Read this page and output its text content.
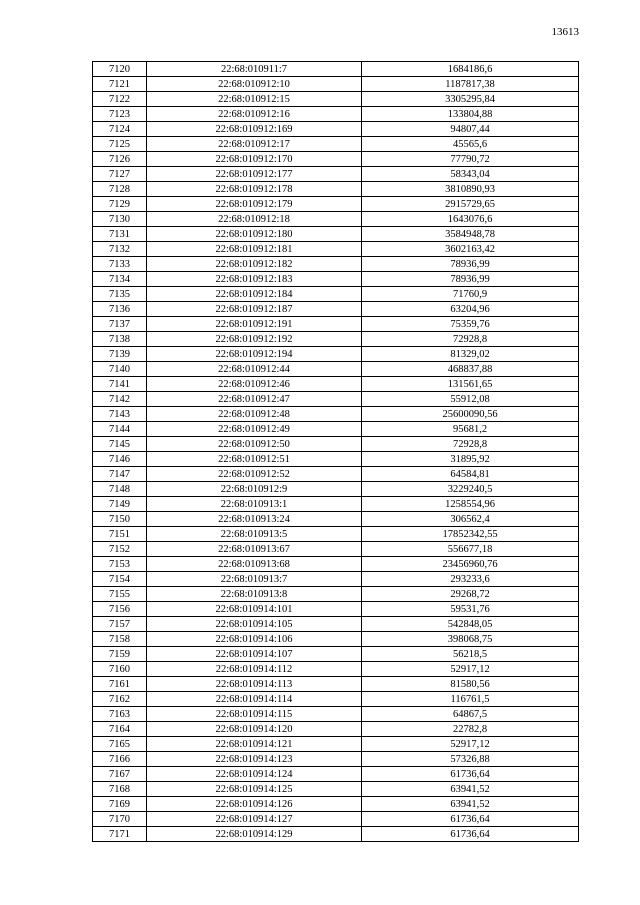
13613
7120	22:68:010911:7	1684186,6
7121	22:68:010912:10	1187817,38
7122	22:68:010912:15	3305295,84
7123	22:68:010912:16	133804,88
7124	22:68:010912:169	94807,44
7125	22:68:010912:17	45565,6
7126	22:68:010912:170	77790,72
7127	22:68:010912:177	58343,04
7128	22:68:010912:178	3810890,93
7129	22:68:010912:179	2915729,65
7130	22:68:010912:18	1643076,6
7131	22:68:010912:180	3584948,78
7132	22:68:010912:181	3602163,42
7133	22:68:010912:182	78936,99
7134	22:68:010912:183	78936,99
7135	22:68:010912:184	71760,9
7136	22:68:010912:187	63204,96
7137	22:68:010912:191	75359,76
7138	22:68:010912:192	72928,8
7139	22:68:010912:194	81329,02
7140	22:68:010912:44	468837,88
7141	22:68:010912:46	131561,65
7142	22:68:010912:47	55912,08
7143	22:68:010912:48	25600090,56
7144	22:68:010912:49	95681,2
7145	22:68:010912:50	72928,8
7146	22:68:010912:51	31895,92
7147	22:68:010912:52	64584,81
7148	22:68:010912:9	3229240,5
7149	22:68:010913:1	1258554,96
7150	22:68:010913:24	306562,4
7151	22:68:010913:5	17852342,55
7152	22:68:010913:67	556677,18
7153	22:68:010913:68	23456960,76
7154	22:68:010913:7	293233,6
7155	22:68:010913:8	29268,72
7156	22:68:010914:101	59531,76
7157	22:68:010914:105	542848,05
7158	22:68:010914:106	398068,75
7159	22:68:010914:107	56218,5
7160	22:68:010914:112	52917,12
7161	22:68:010914:113	81580,56
7162	22:68:010914:114	116761,5
7163	22:68:010914:115	64867,5
7164	22:68:010914:120	22782,8
7165	22:68:010914:121	52917,12
7166	22:68:010914:123	57326,88
7167	22:68:010914:124	61736,64
7168	22:68:010914:125	63941,52
7169	22:68:010914:126	63941,52
7170	22:68:010914:127	61736,64
7171	22:68:010914:129	61736,64
